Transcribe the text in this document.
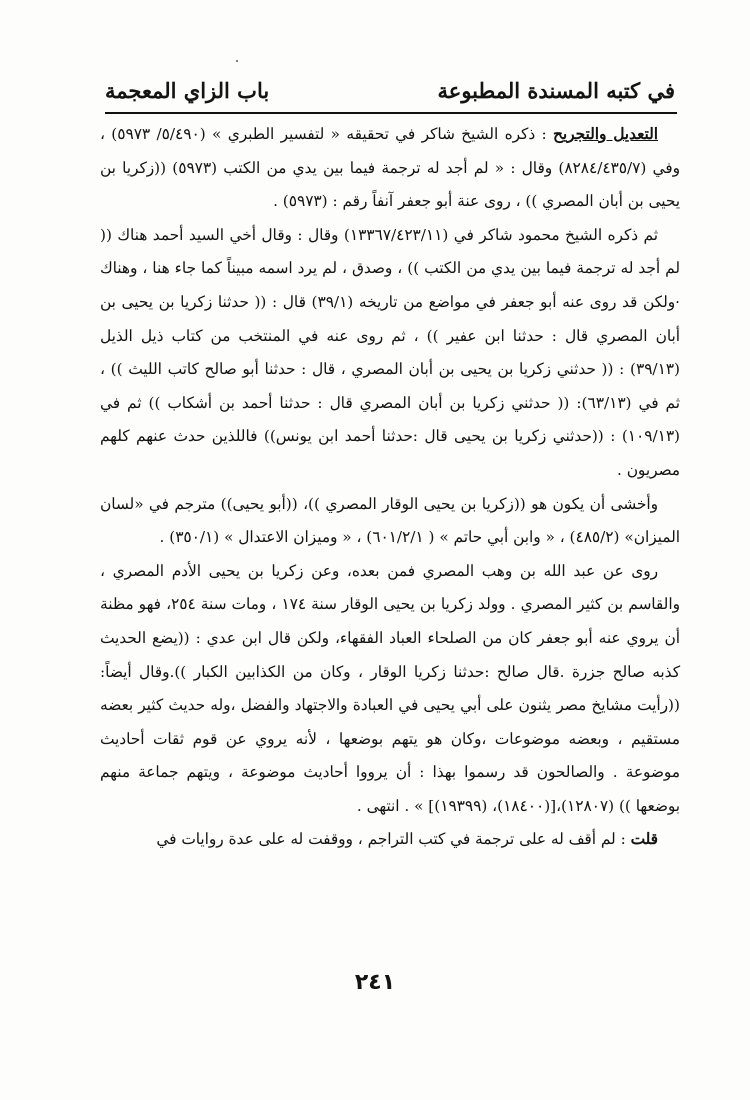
في كتبه المسندة المطبوعة
باب الزاي المعجمة

التعديل والتجريح : ذكره الشيخ شاكر في تحقيقه « لتفسير الطبري » (٥/٤٩٠/ ٥٩٧٣) ، وفي (٨٢٨٤/٤٣٥/٧) وقال : « لم أجد له ترجمة فيما بين يدي من الكتب (٥٩٧٣) ((زكريا بن يحيى بن أبان المصري )) ، روى عنة أبو جعفر آنفاً رقم : (٥٩٧٣) .

ثم ذكره الشيخ محمود شاكر في (١٣٣٦٧/٤٢٣/١١) وقال : وقال أخي السيد أحمد هناك (( لم أجد له ترجمة فيما بين يدي من الكتب )) ، وصدق ، لم يرد اسمه مبيناً كما جاء هنا ، وهناك ·ولكن قد روى عنه أبو جعفر في مواضع من تاريخه (٣٩/١) قال : (( حدثنا زكريا بن يحيى بن أبان المصري قال : حدثنا ابن عفير )) ، ثم روى عنه في المنتخب من كتاب ذيل الذيل (٣٩/١٣) : (( حدثني زكريا بن يحيى بن أبان المصري ، قال : حدثنا أبو صالح كاتب الليث )) ، ثم في (٦٣/١٣): (( حدثني زكريا بن أبان المصري قال : حدثنا أحمد بن أشكاب )) ثم في (١٠٩/١٣) : ((حدثني زكريا بن يحيى قال :حدثنا أحمد ابن يونس)) فاللذين حدث عنهم كلهم مصريون .

وأخشى أن يكون هو ((زكريا بن يحيى الوقار المصري ))، ((أبو يحيى)) مترجم في «لسان الميزان» (٤٨٥/٢) ، « وابن أبي حاتم » ( ٦٠١/٢/١) ، « وميزان الاعتدال » (٣٥٠/١) .

روى عن عبد الله بن وهب المصري فمن بعده، وعن زكريا بن يحيى الأدم المصري ، والقاسم بن كثير المصري . وولد زكريا بن يحيى الوقار سنة ١٧٤ ، ومات سنة ٢٥٤، فهو مظنة أن يروي عنه أبو جعفر كان من الصلحاء العباد الفقهاء، ولكن قال ابن عدي : ((يضع الحديث كذبه صالح جزرة .قال صالح :حدثنا زكريا الوقار ، وكان من الكذابين الكبار )).وقال أيضاً: ((رأيت مشايخ مصر يثنون على أبي يحيى في العبادة والاجتهاد والفضل ،وله حديث كثير بعضه مستقيم ، وبعضه موضوعات ،وكان هو يتهم بوضعها ، لأنه يروي عن قوم ثقات أحاديث موضوعة . والصالحون قد رسموا بهذا : أن يرووا أحاديث موضوعة ، ويتهم جماعة منهم بوضعها )) (١٢٨٠٧)،[(١٨٤٠٠)، (١٩٣٩٩)] » . انتهى .

قلت : لم أقف له على ترجمة في كتب التراجم ، ووقفت له على عدة روايات في

٢٤١
